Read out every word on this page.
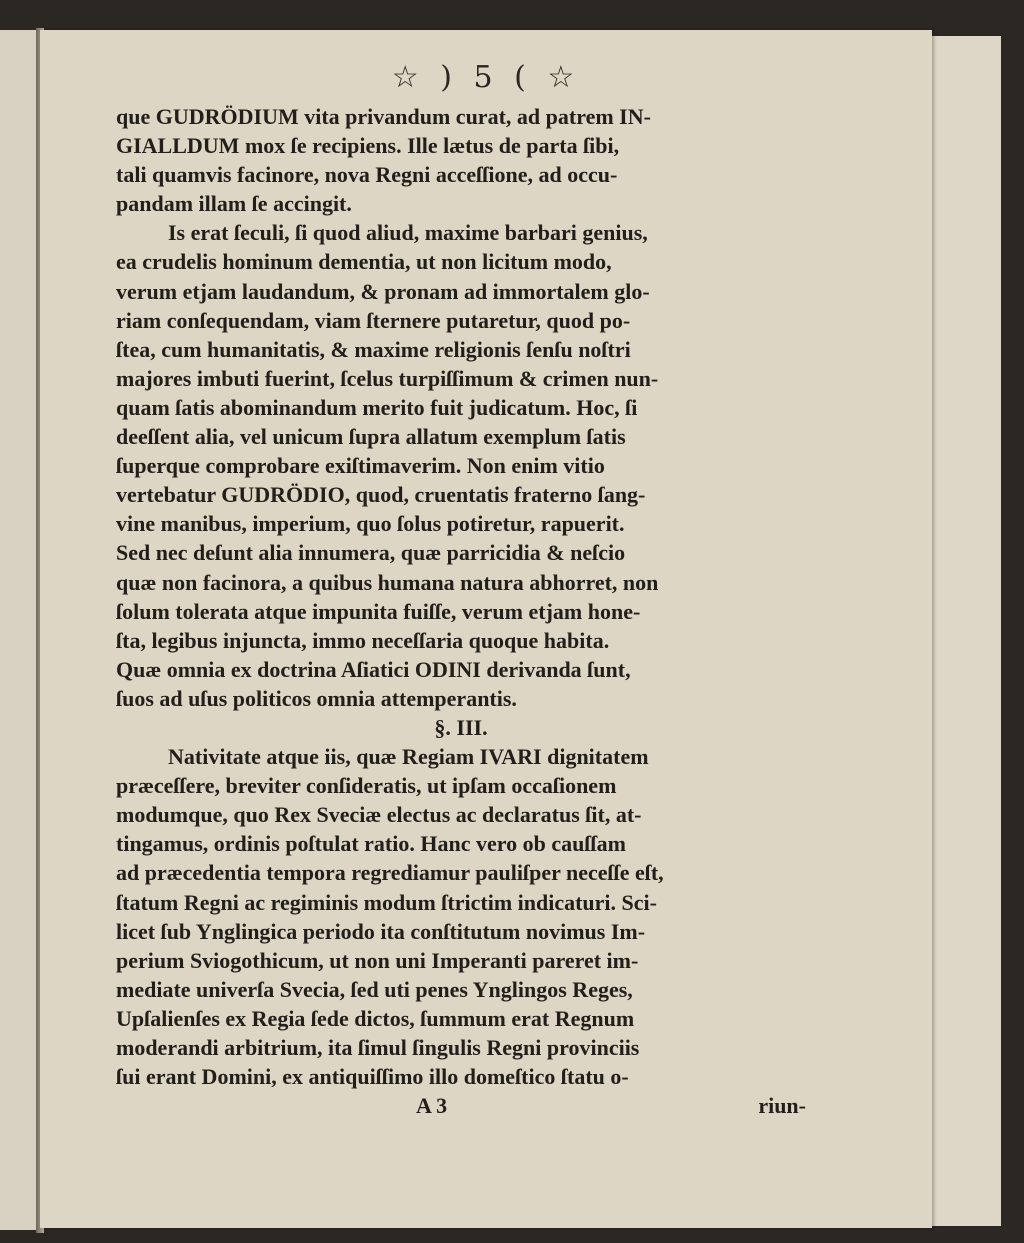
☆ ) 5 ( ☆
que GUDRÖDIUM vita privandum curat, ad patrem IN-
GIALLDUM mox ſe recipiens. Ille lætus de parta ſibi,
tali quamvis facinore, nova Regni acceſſione, ad occu-
pandam illam ſe accingit.
Is erat ſeculi, ſi quod aliud, maxime barbari genius,
ea crudelis hominum dementia, ut non licitum modo,
verum etjam laudandum, & pronam ad immortalem glo-
riam conſequendam, viam ſternere putaretur, quod po-
ſtea, cum humanitatis, & maxime religionis ſenſu noſtri
majores imbuti fuerint, ſcelus turpiſſimum & crimen nun-
quam ſatis abominandum merito fuit judicatum. Hoc, ſi
deeſſent alia, vel unicum ſupra allatum exemplum ſatis
ſuperque comprobare exiſtimaverim. Non enim vitio
vertebatur GUDRÖDIO, quod, cruentatis fraterno ſang-
vine manibus, imperium, quo ſolus potiretur, rapuerit.
Sed nec deſunt alia innumera, quæ parricidia & neſcio
quæ non facinora, a quibus humana natura abhorret, non
ſolum tolerata atque impunita fuiſſe, verum etjam hone-
ſta, legibus injuncta, immo neceſſaria quoque habita.
Quæ omnia ex doctrina Aſiatici ODINI derivanda ſunt,
ſuos ad uſus politicos omnia attemperantis.
§. III.
Nativitate atque iis, quæ Regiam IVARI dignitatem
præceſſere, breviter conſideratis, ut ipſam occaſionem
modumque, quo Rex Sveciæ electus ac declaratus ſit, at-
tingamus, ordinis poſtulat ratio. Hanc vero ob cauſſam
ad præcedentia tempora regrediamur pauliſper neceſſe eſt,
ſtatum Regni ac regiminis modum ſtrictim indicaturi. Sci-
licet ſub Ynglingica periodo ita conſtitutum novimus Im-
perium Sviogothicum, ut non uni Imperanti pareret im-
mediate univerſa Svecia, ſed uti penes Ynglingos Reges,
Upſalienſes ex Regia ſede dictos, ſummum erat Regnum
moderandi arbitrium, ita ſimul ſingulis Regni provinciis
ſui erant Domini, ex antiquiſſimo illo domeſtico ſtatu o-
A 3	riun-
